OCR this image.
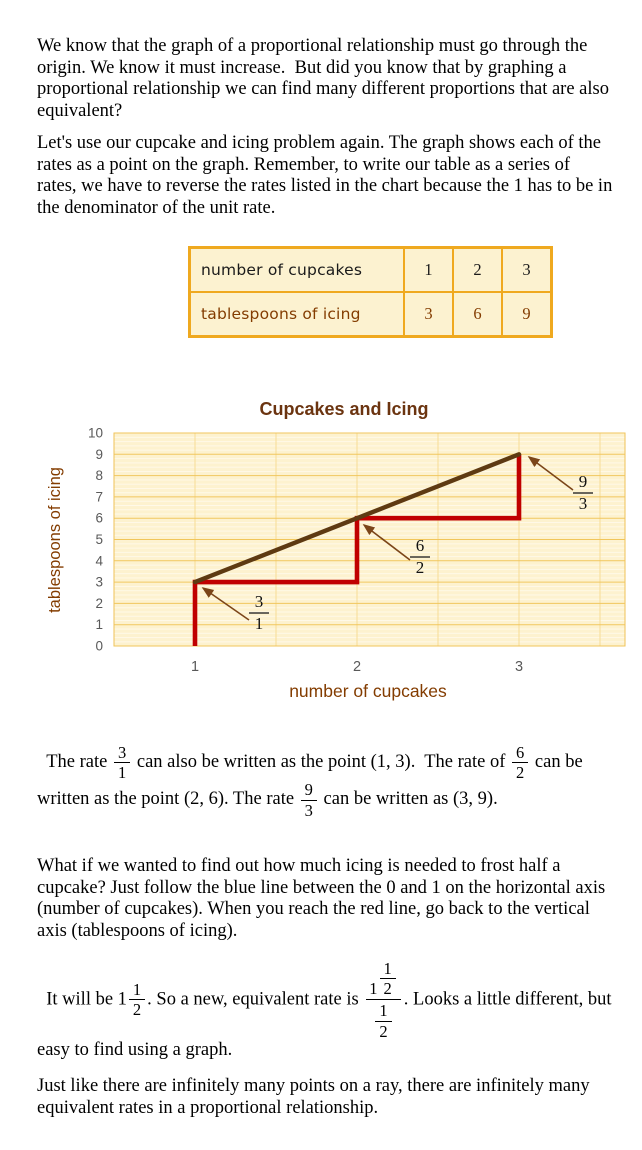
We know that the graph of a proportional relationship must go through the origin. We know it must increase.  But did you know that by graphing a proportional relationship we can find many different proportions that are also equivalent?
Let's use our cupcake and icing problem again. The graph shows each of the rates as a point on the graph. Remember, to write our table as a series of rates, we have to reverse the rates listed in the chart because the 1 has to be in the denominator of the unit rate.
number of cupcakes	1	2	3
tablespoons of icing	3	6	9
Cupcakes and Icing
10
9
8
7
6
5
4
3
2
1
0
1	2	3
tablespoons of icing
number of cupcakes
3
1
6
2
9
3

The rate $\frac{3}{1}$ can also be written as the point (1, 3).  The rate of $\frac{6}{2}$ can be written as the point (2, 6). The rate $\frac{9}{3}$ can be written as (3, 9).

What if we wanted to find out how much icing is needed to frost half a cupcake? Just follow the blue line between the 0 and 1 on the horizontal axis (number of cupcakes). When you reach the red line, go back to the vertical axis (tablespoons of icing).

It will be $1 \frac{1}{2}$ . So a new, equivalent rate is $\frac{1 \frac{1}{2}}{\frac{1}{2}}$ . Looks a little different, but easy to find using a graph.

Just like there are infinitely many points on a ray, there are infinitely many equivalent rates in a proportional relationship.
